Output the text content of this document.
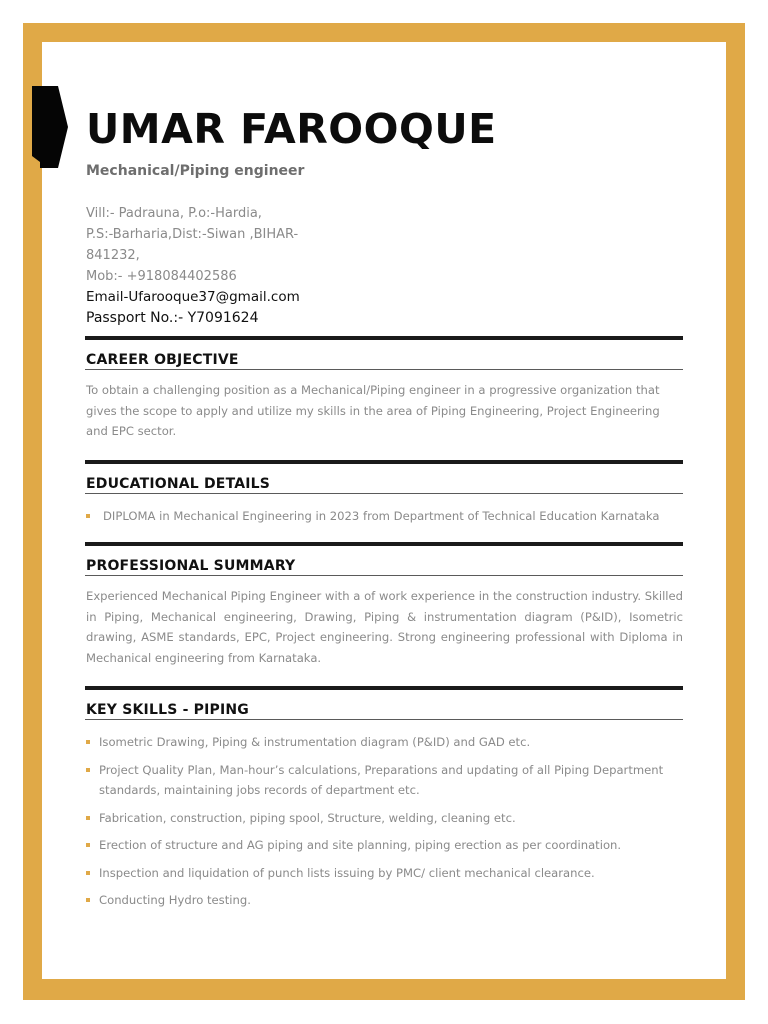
UMAR FAROOQUE
Mechanical/Piping engineer
Vill:- Padrauna, P.o:-Hardia,
P.S:-Barharia,Dist:-Siwan ,BIHAR-
841232,
Mob:- +918084402586
Email-Ufarooque37@gmail.com
Passport No.:- Y7091624
CAREER OBJECTIVE

To obtain a challenging position as a Mechanical/Piping engineer in a progressive organization that gives the scope to apply and utilize my skills in the area of Piping Engineering, Project Engineering and EPC sector.

EDUCATIONAL DETAILS
DIPLOMA in Mechanical Engineering in 2023 from Department of Technical Education Karnataka
PROFESSIONAL SUMMARY

Experienced Mechanical Piping Engineer with a of work experience in the construction industry. Skilled in Piping, Mechanical engineering, Drawing, Piping & instrumentation diagram (P&ID), Isometric drawing, ASME standards, EPC, Project engineering. Strong engineering professional with Diploma in Mechanical engineering from Karnataka.

KEY SKILLS - PIPING
Isometric Drawing, Piping & instrumentation diagram (P&ID) and GAD etc.
Project Quality Plan, Man-hour’s calculations, Preparations and updating of all Piping Department standards, maintaining jobs records of department etc.
Fabrication, construction, piping spool, Structure, welding, cleaning etc.
Erection of structure and AG piping and site planning, piping erection as per coordination.
Inspection and liquidation of punch lists issuing by PMC/ client mechanical clearance.
Conducting Hydro testing.
